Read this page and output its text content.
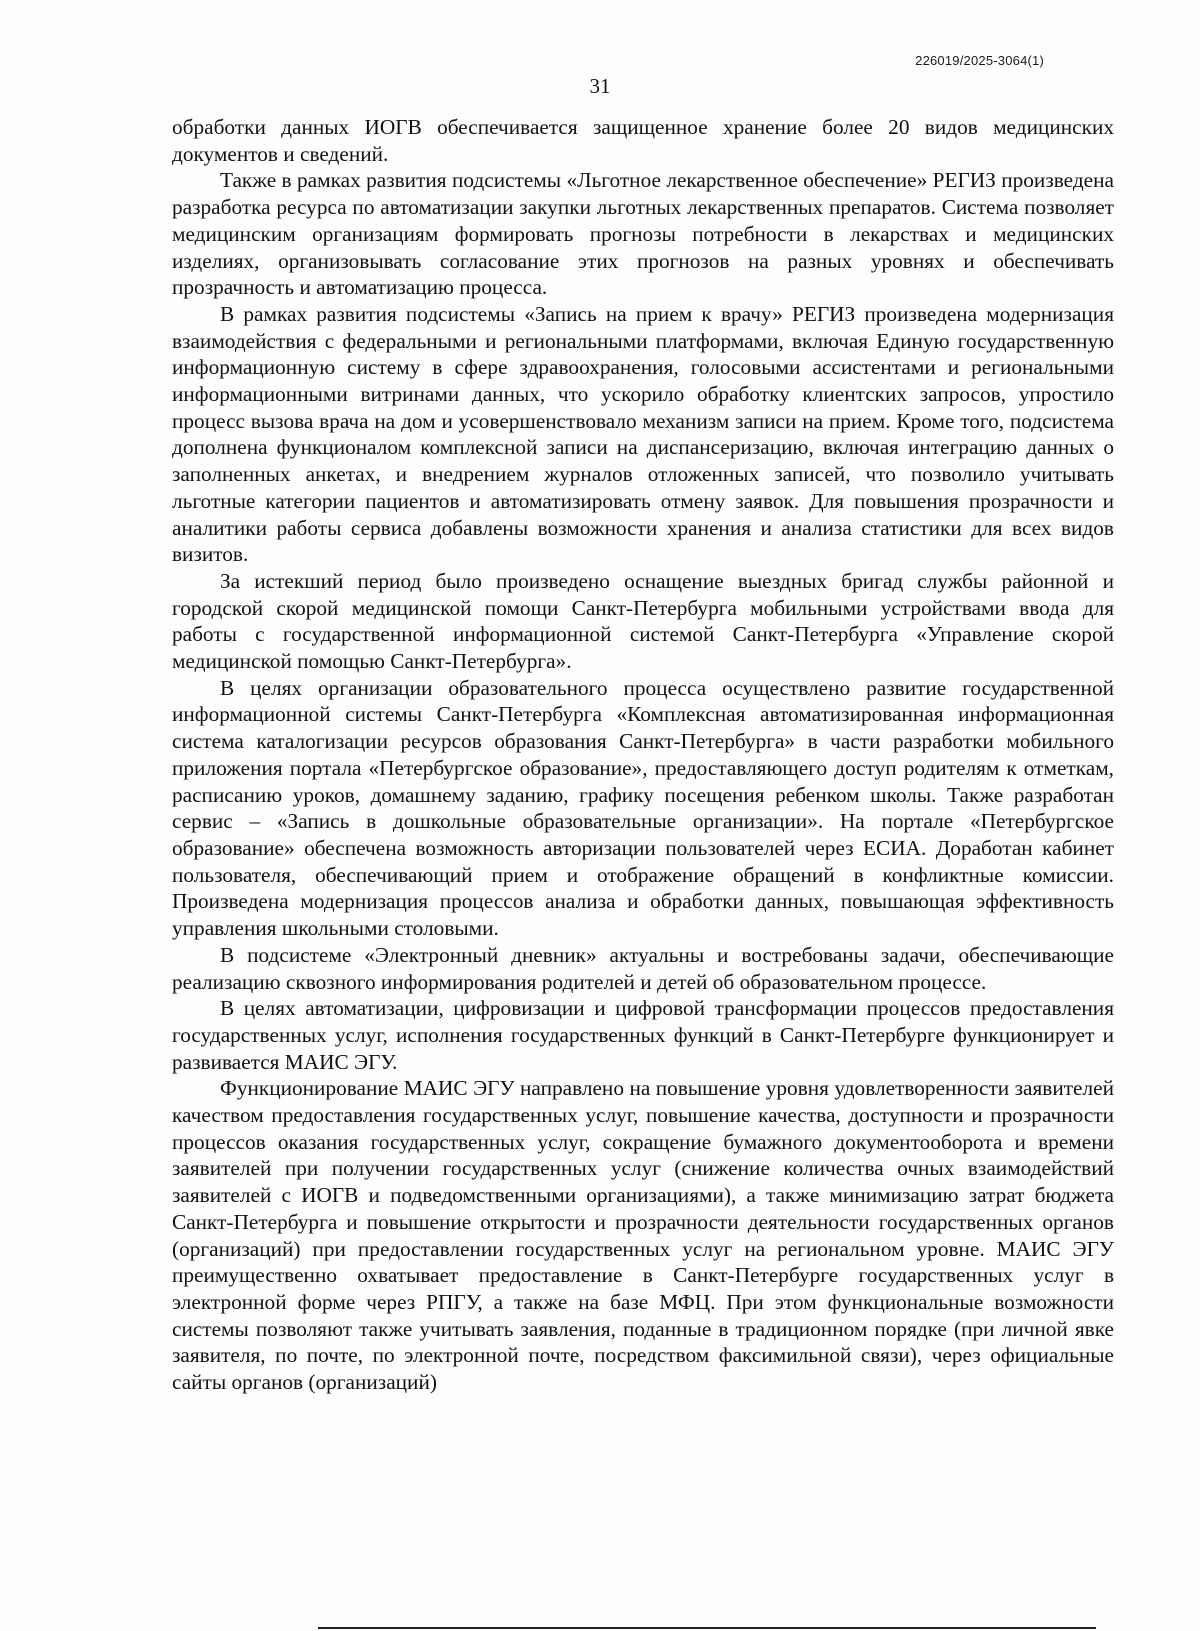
226019/2025-3064(1)
31

обработки данных ИОГВ обеспечивается защищенное хранение более 20 видов медицинских документов и сведений.

Также в рамках развития подсистемы «Льготное лекарственное обеспечение» РЕГИЗ произведена разработка ресурса по автоматизации закупки льготных лекарственных препаратов. Система позволяет медицинским организациям формировать прогнозы потребности в лекарствах и медицинских изделиях, организовывать согласование этих прогнозов на разных уровнях и обеспечивать прозрачность и автоматизацию процесса.

В рамках развития подсистемы «Запись на прием к врачу» РЕГИЗ произведена модернизация взаимодействия с федеральными и региональными платформами, включая Единую государственную информационную систему в сфере здравоохранения, голосовыми ассистентами и региональными информационными витринами данных, что ускорило обработку клиентских запросов, упростило процесс вызова врача на дом и усовершенствовало механизм записи на прием. Кроме того, подсистема дополнена функционалом комплексной записи на диспансеризацию, включая интеграцию данных о заполненных анкетах, и внедрением журналов отложенных записей, что позволило учитывать льготные категории пациентов и автоматизировать отмену заявок. Для повышения прозрачности и аналитики работы сервиса добавлены возможности хранения и анализа статистики для всех видов визитов.

За истекший период было произведено оснащение выездных бригад службы районной и городской скорой медицинской помощи Санкт-Петербурга мобильными устройствами ввода для работы с государственной информационной системой Санкт-Петербурга «Управление скорой медицинской помощью Санкт-Петербурга».

В целях организации образовательного процесса осуществлено развитие государственной информационной системы Санкт-Петербурга «Комплексная автоматизированная информационная система каталогизации ресурсов образования Санкт-Петербурга» в части разработки мобильного приложения портала «Петербургское образование», предоставляющего доступ родителям к отметкам, расписанию уроков, домашнему заданию, графику посещения ребенком школы. Также разработан сервис – «Запись в дошкольные образовательные организации». На портале «Петербургское образование» обеспечена возможность авторизации пользователей через ЕСИА. Доработан кабинет пользователя, обеспечивающий прием и отображение обращений в конфликтные комиссии. Произведена модернизация процессов анализа и обработки данных, повышающая эффективность управления школьными столовыми.

В подсистеме «Электронный дневник» актуальны и востребованы задачи, обеспечивающие реализацию сквозного информирования родителей и детей об образовательном процессе.

В целях автоматизации, цифровизации и цифровой трансформации процессов предоставления государственных услуг, исполнения государственных функций в Санкт-Петербурге функционирует и развивается МАИС ЭГУ.

Функционирование МАИС ЭГУ направлено на повышение уровня удовлетворенности заявителей качеством предоставления государственных услуг, повышение качества, доступности и прозрачности процессов оказания государственных услуг, сокращение бумажного документооборота и времени заявителей при получении государственных услуг (снижение количества очных взаимодействий заявителей с ИОГВ и подведомственными организациями), а также минимизацию затрат бюджета Санкт-Петербурга и повышение открытости и прозрачности деятельности государственных органов (организаций) при предоставлении государственных услуг на региональном уровне. МАИС ЭГУ преимущественно охватывает предоставление в Санкт-Петербурге государственных услуг в электронной форме через РПГУ, а также на базе МФЦ. При этом функциональные возможности системы позволяют также учитывать заявления, поданные в традиционном порядке (при личной явке заявителя, по почте, по электронной почте, посредством факсимильной связи), через официальные сайты органов (организаций)
